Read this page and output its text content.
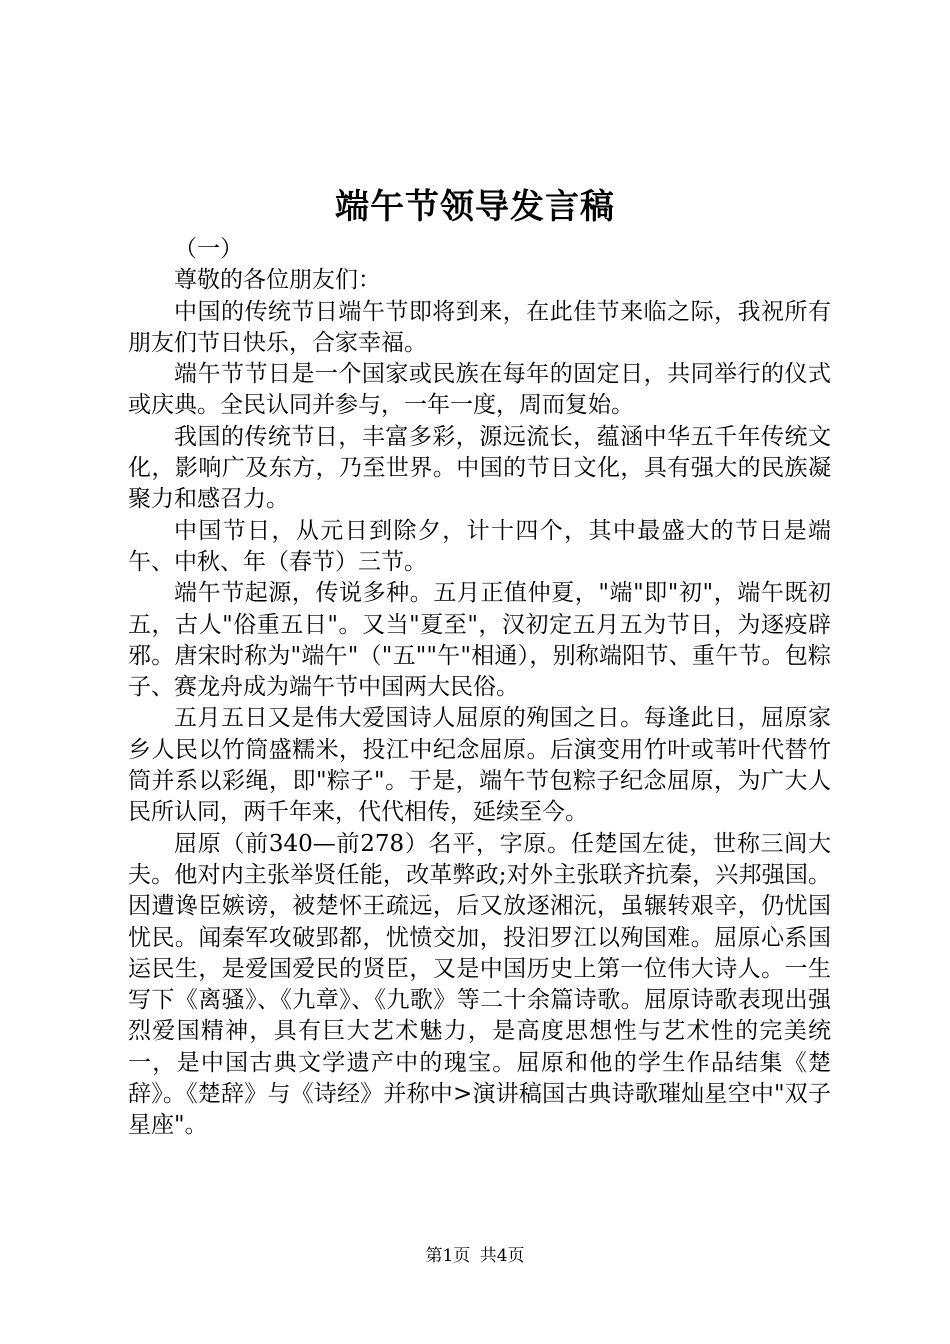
端午节领导发言稿

（一）

尊敬的各位朋友们：

中国的传统节日端午节即将到来，在此佳节来临之际，我祝所有朋友们节日快乐，合家幸福。

端午节节日是一个国家或民族在每年的固定日，共同举行的仪式或庆典。全民认同并参与，一年一度，周而复始。

我国的传统节日，丰富多彩，源远流长，蕴涵中华五千年传统文化，影响广及东方，乃至世界。中国的节日文化，具有强大的民族凝聚力和感召力。

中国节日，从元日到除夕，计十四个，其中最盛大的节日是端午、中秋、年（春节）三节。

端午节起源，传说多种。五月正值仲夏，"端"即"初"，端午既初五，古人"俗重五日"。又当"夏至"，汉初定五月五为节日，为逐疫辟邪。唐宋时称为"端午"（"五""午"相通），别称端阳节、重午节。包粽子、赛龙舟成为端午节中国两大民俗。

五月五日又是伟大爱国诗人屈原的殉国之日。每逢此日，屈原家乡人民以竹筒盛糯米，投江中纪念屈原。后演变用竹叶或苇叶代替竹筒并系以彩绳，即"粽子"。于是，端午节包粽子纪念屈原，为广大人民所认同，两千年来，代代相传，延续至今。

屈原（前340—前278）名平，字原。任楚国左徒，世称三闾大夫。他对内主张举贤任能，改革弊政;对外主张联齐抗秦，兴邦强国。因遭谗臣嫉谤，被楚怀王疏远，后又放逐湘沅，虽辗转艰辛，仍忧国忧民。闻秦军攻破郢都，忧愤交加，投汨罗江以殉国难。屈原心系国运民生，是爱国爱民的贤臣，又是中国历史上第一位伟大诗人。一生写下《离骚》、《九章》、《九歌》等二十余篇诗歌。屈原诗歌表现出强烈爱国精神，具有巨大艺术魅力，是高度思想性与艺术性的完美统一，是中国古典文学遗产中的瑰宝。屈原和他的学生作品结集《楚辞》。《楚辞》与《诗经》并称中>演讲稿国古典诗歌璀灿星空中"双子星座"。

第1页 共4页
